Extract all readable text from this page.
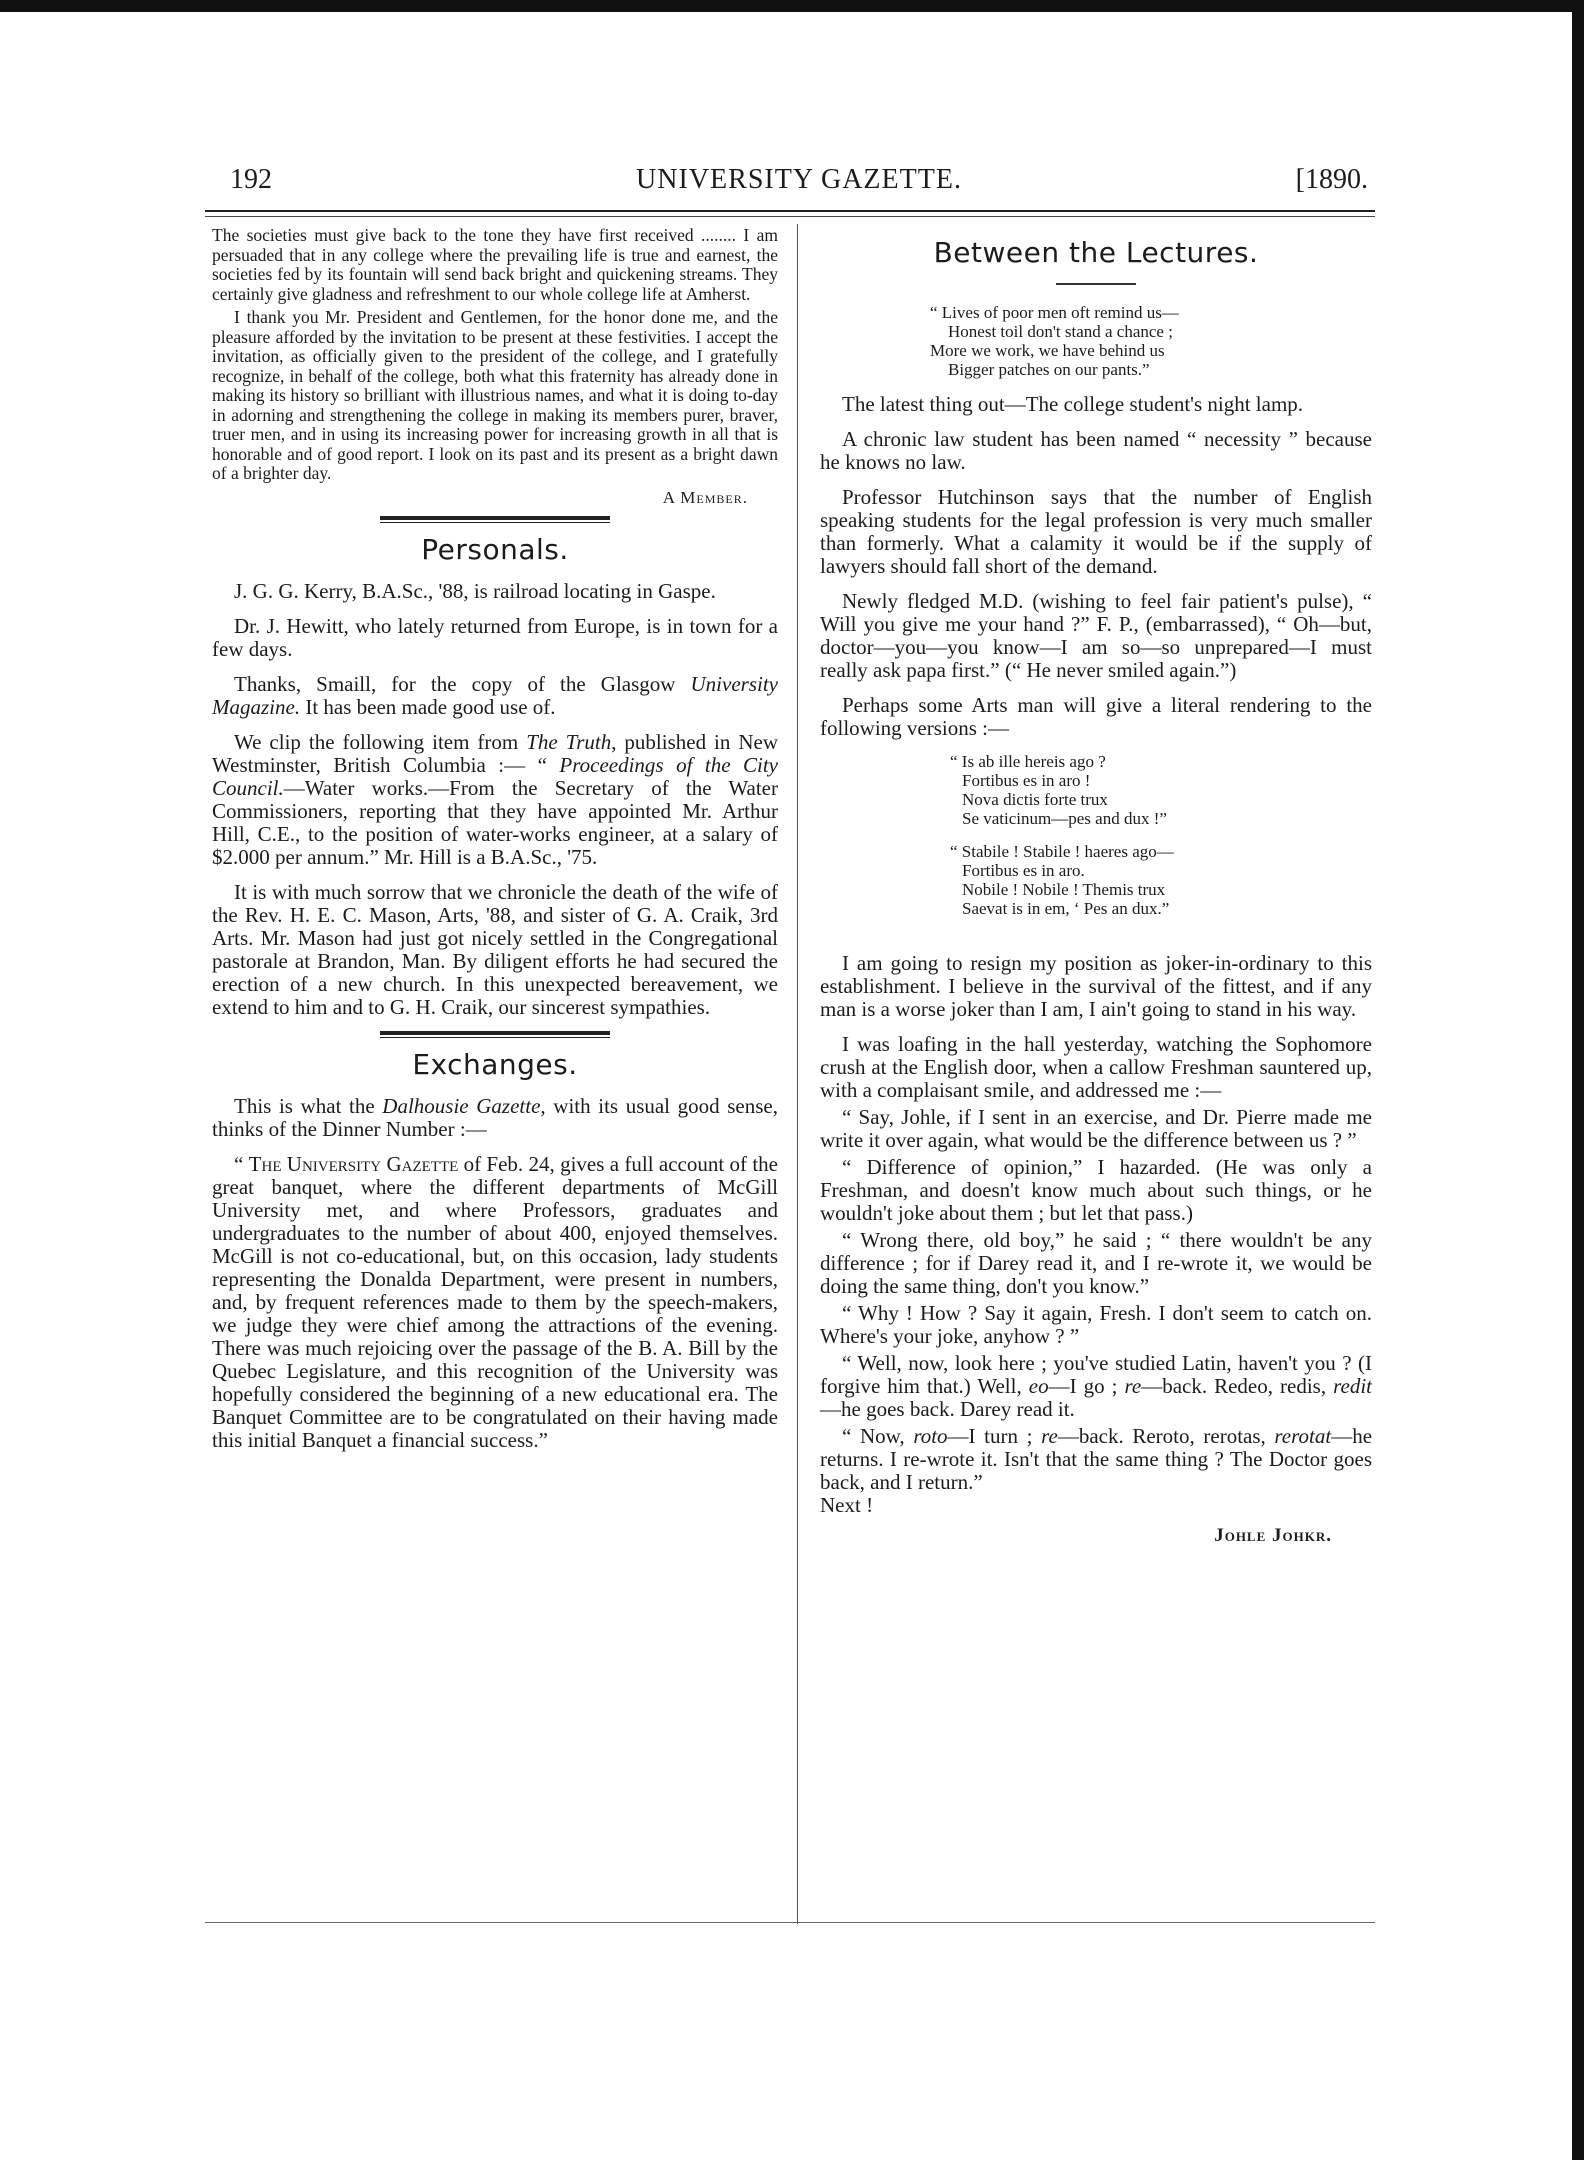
192	UNIVERSITY GAZETTE.	[1890.

The societies must give back to the tone they have first received ........ I am persuaded that in any college where the prevailing life is true and earnest, the societies fed by its fountain will send back bright and quickening streams. They certainly give gladness and refreshment to our whole college life at Amherst.

I thank you Mr. President and Gentlemen, for the honor done me, and the pleasure afforded by the invitation to be present at these festivities. I accept the invitation, as officially given to the president of the college, and I gratefully recognize, in behalf of the college, both what this fraternity has already done in making its history so brilliant with illustrious names, and what it is doing to-day in adorning and strengthening the college in making its members purer, braver, truer men, and in using its increasing power for increasing growth in all that is honorable and of good report. I look on its past and its present as a bright dawn of a brighter day.

A Member.
Personals.

J. G. G. Kerry, B.A.Sc., '88, is railroad locating in Gaspe.

Dr. J. Hewitt, who lately returned from Europe, is in town for a few days.

Thanks, Smaill, for the copy of the Glasgow University Magazine. It has been made good use of.

We clip the following item from The Truth, published in New Westminster, British Columbia :— “ Proceedings of the City Council.—Water works.—From the Secretary of the Water Commissioners, reporting that they have appointed Mr. Arthur Hill, C.E., to the position of water-works engineer, at a salary of $2.000 per annum.” Mr. Hill is a B.A.Sc., '75.

It is with much sorrow that we chronicle the death of the wife of the Rev. H. E. C. Mason, Arts, '88, and sister of G. A. Craik, 3rd Arts. Mr. Mason had just got nicely settled in the Congregational pastorale at Brandon, Man. By diligent efforts he had secured the erection of a new church. In this unexpected bereavement, we extend to him and to G. H. Craik, our sincerest sympathies.

Exchanges.

This is what the Dalhousie Gazette, with its usual good sense, thinks of the Dinner Number :—

“ The University Gazette of Feb. 24, gives a full account of the great banquet, where the different departments of McGill University met, and where Professors, graduates and undergraduates to the number of about 400, enjoyed themselves. McGill is not co-educational, but, on this occasion, lady students representing the Donalda Department, were present in numbers, and, by frequent references made to them by the speech-makers, we judge they were chief among the attractions of the evening. There was much rejoicing over the passage of the B. A. Bill by the Quebec Legislature, and this recognition of the University was hopefully considered the beginning of a new educational era. The Banquet Committee are to be congratulated on their having made this initial Banquet a financial success.”

Between the Lectures.
“ Lives of poor men oft remind us—
Honest toil don't stand a chance ;
More we work, we have behind us
Bigger patches on our pants.”

The latest thing out—The college student's night lamp.

A chronic law student has been named “ necessity ” because he knows no law.

Professor Hutchinson says that the number of English speaking students for the legal profession is very much smaller than formerly. What a calamity it would be if the supply of lawyers should fall short of the demand.

Newly fledged M.D. (wishing to feel fair patient's pulse), “ Will you give me your hand ?” F. P., (embarrassed), “ Oh—but, doctor—you—you know—I am so—so unprepared—I must really ask papa first.” (“ He never smiled again.”)

Perhaps some Arts man will give a literal rendering to the following versions :—

“ Is ab ille hereis ago ?
Fortibus es in aro !
Nova dictis forte trux
Se vaticinum—pes and dux !”
“ Stabile ! Stabile ! haeres ago—
Fortibus es in aro.
Nobile ! Nobile ! Themis trux
Saevat is in em, ‘ Pes an dux.”

I am going to resign my position as joker-in-ordinary to this establishment. I believe in the survival of the fittest, and if any man is a worse joker than I am, I ain't going to stand in his way.

I was loafing in the hall yesterday, watching the Sophomore crush at the English door, when a callow Freshman sauntered up, with a complaisant smile, and addressed me :—

“ Say, Johle, if I sent in an exercise, and Dr. Pierre made me write it over again, what would be the difference between us ? ”

“ Difference of opinion,” I hazarded. (He was only a Freshman, and doesn't know much about such things, or he wouldn't joke about them ; but let that pass.)

“ Wrong there, old boy,” he said ; “ there wouldn't be any difference ; for if Darey read it, and I re-wrote it, we would be doing the same thing, don't you know.”

“ Why ! How ? Say it again, Fresh. I don't seem to catch on. Where's your joke, anyhow ? ”

“ Well, now, look here ; you've studied Latin, haven't you ? (I forgive him that.) Well, eo—I go ; re—back. Redeo, redis, redit—he goes back. Darey read it.

“ Now, roto—I turn ; re—back. Reroto, rerotas, rerotat—he returns. I re-wrote it. Isn't that the same thing ? The Doctor goes back, and I return.”

Next !

Johle Johkr.
